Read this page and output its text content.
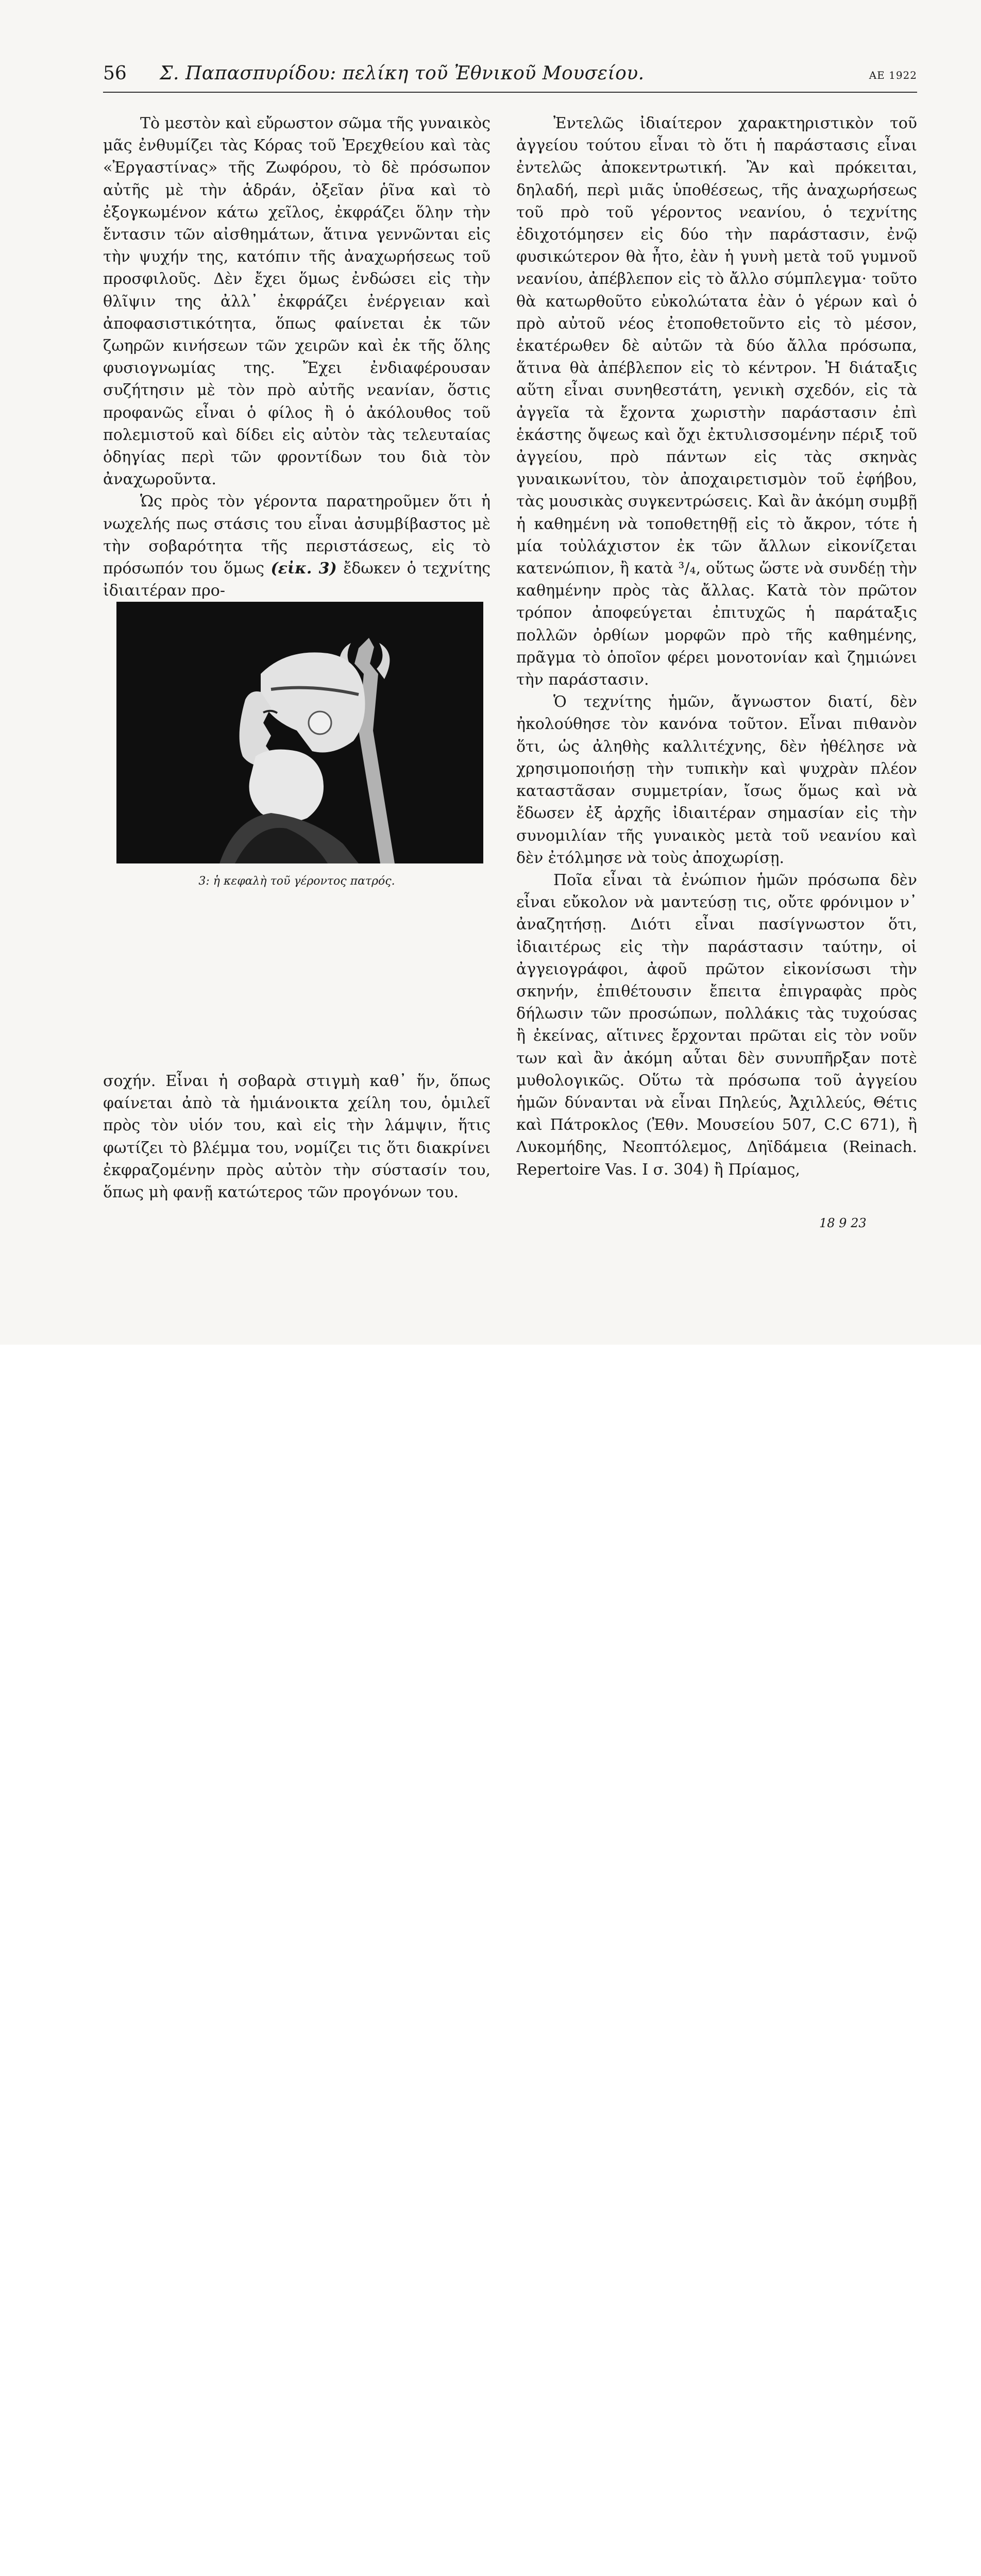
56 Σ. Παπασπυρίδου: πελίκη τοῦ Ἐθνικοῦ Μουσείου.	ΑΕ 1922

Τὸ μεστὸν καὶ εὔρωστον σῶμα τῆς γυναικὸς μᾶς ἐνθυμίζει τὰς Κόρας τοῦ Ἐρεχθείου καὶ τὰς «Ἐργαστίνας» τῆς Ζωφόρου, τὸ δὲ πρόσωπον αὐτῆς μὲ τὴν ἁδράν, ὀξεῖαν ῥῖνα καὶ τὸ ἐξογκωμένον κάτω χεῖλος, ἐκφράζει ὅλην τὴν ἔντασιν τῶν αἰσθημάτων, ἅτινα γεννῶνται εἰς τὴν ψυχήν της, κατόπιν τῆς ἀναχωρήσεως τοῦ προσφιλοῦς. Δὲν ἔχει ὅμως ἐνδώσει εἰς τὴν θλῖψιν της ἀλλ᾽ ἐκφράζει ἐνέργειαν καὶ ἀποφασιστικότητα, ὅπως φαίνεται ἐκ τῶν ζωηρῶν κινήσεων τῶν χειρῶν καὶ ἐκ τῆς ὅλης φυσιογνωμίας της. Ἔχει ἐνδιαφέρουσαν συζήτησιν μὲ τὸν πρὸ αὐτῆς νεανίαν, ὅστις προφανῶς εἶναι ὁ φίλος ἢ ὁ ἀκόλουθος τοῦ πολεμιστοῦ καὶ δίδει εἰς αὐτὸν τὰς τελευταίας ὁδηγίας περὶ τῶν φροντίδων του διὰ τὸν ἀναχωροῦντα.

Ὡς πρὸς τὸν γέροντα παρατηροῦμεν ὅτι ἡ νωχελής πως στάσις του εἶναι ἀσυμβίβαστος μὲ τὴν σοβαρότητα τῆς περιστάσεως, εἰς τὸ πρόσωπόν του ὅμως (εἰκ. 3) ἔδωκεν ὁ τεχνίτης ἰδιαιτέραν προ-

3: ἡ κεφαλὴ τοῦ γέροντος πατρός.

σοχήν. Εἶναι ἡ σοβαρὰ στιγμὴ καθ᾽ ἥν, ὅπως φαίνεται ἀπὸ τὰ ἡμιάνοικτα χείλη του, ὁμιλεῖ πρὸς τὸν υἱόν του, καὶ εἰς τὴν λάμψιν, ἥτις φωτίζει τὸ βλέμμα του, νομίζει τις ὅτι διακρίνει ἐκφραζομένην πρὸς αὐτὸν τὴν σύστασίν του, ὅπως μὴ φανῇ κατώτερος τῶν προγόνων του.

Ἐντελῶς ἰδιαίτερον χαρακτηριστικὸν τοῦ ἀγγείου τούτου εἶναι τὸ ὅτι ἡ παράστασις εἶναι ἐντελῶς ἀποκεντρωτική. Ἂν καὶ πρόκειται, δηλαδή, περὶ μιᾶς ὑποθέσεως, τῆς ἀναχωρήσεως τοῦ πρὸ τοῦ γέροντος νεανίου, ὁ τεχνίτης ἐδιχοτόμησεν εἰς δύο τὴν παράστασιν, ἐνῷ φυσικώτερον θὰ ἦτο, ἐὰν ἡ γυνὴ μετὰ τοῦ γυμνοῦ νεανίου, ἀπέβλεπον εἰς τὸ ἄλλο σύμπλεγμα· τοῦτο θὰ κατωρθοῦτο εὐκολώτατα ἐὰν ὁ γέρων καὶ ὁ πρὸ αὐτοῦ νέος ἐτοποθετοῦντο εἰς τὸ μέσον, ἑκατέρωθεν δὲ αὐτῶν τὰ δύο ἄλλα πρόσωπα, ἅτινα θὰ ἀπέβλεπον εἰς τὸ κέντρον. Ἡ διάταξις αὕτη εἶναι συνηθεστάτη, γενικὴ σχεδόν, εἰς τὰ ἀγγεῖα τὰ ἔχοντα χωριστὴν παράστασιν ἐπὶ ἑκάστης ὄψεως καὶ ὄχι ἐκτυλισσομένην πέριξ τοῦ ἀγγείου, πρὸ πάντων εἰς τὰς σκηνὰς γυναικωνίτου, τὸν ἀποχαιρετισμὸν τοῦ ἐφήβου, τὰς μουσικὰς συγκεντρώσεις. Καὶ ἂν ἀκόμη συμβῇ ἡ καθημένη νὰ τοποθετηθῇ εἰς τὸ ἄκρον, τότε ἡ μία τοὐλάχιστον ἐκ τῶν ἄλλων εἰκονίζεται κατενώπιον, ἢ κατὰ ³/₄, οὕτως ὥστε νὰ συνδέῃ τὴν καθημένην πρὸς τὰς ἄλλας. Κατὰ τὸν πρῶτον τρόπον ἀποφεύγεται ἐπιτυχῶς ἡ παράταξις πολλῶν ὀρθίων μορφῶν πρὸ τῆς καθημένης, πρᾶγμα τὸ ὁποῖον φέρει μονοτονίαν καὶ ζημιώνει τὴν παράστασιν.

Ὁ τεχνίτης ἡμῶν, ἄγνωστον διατί, δὲν ἠκολούθησε τὸν κανόνα τοῦτον. Εἶναι πιθανὸν ὅτι, ὡς ἀληθὴς καλλιτέχνης, δὲν ἠθέλησε νὰ χρησιμοποιήσῃ τὴν τυπικὴν καὶ ψυχρὰν πλέον καταστᾶσαν συμμετρίαν, ἴσως ὅμως καὶ νὰ ἔδωσεν ἐξ ἀρχῆς ἰδιαιτέραν σημασίαν εἰς τὴν συνομιλίαν τῆς γυναικὸς μετὰ τοῦ νεανίου καὶ δὲν ἐτόλμησε νὰ τοὺς ἀποχωρίσῃ.

Ποῖα εἶναι τὰ ἐνώπιον ἡμῶν πρόσωπα δὲν εἶναι εὔκολον νὰ μαντεύσῃ τις, οὔτε φρόνιμον ν᾽ ἀναζητήσῃ. Διότι εἶναι πασίγνωστον ὅτι, ἰδιαιτέρως εἰς τὴν παράστασιν ταύτην, οἱ ἀγγειογράφοι, ἀφοῦ πρῶτον εἰκονίσωσι τὴν σκηνήν, ἐπιθέτουσιν ἔπειτα ἐπιγραφὰς πρὸς δήλωσιν τῶν προσώπων, πολλάκις τὰς τυχούσας ἢ ἐκείνας, αἵτινες ἔρχονται πρῶται εἰς τὸν νοῦν των καὶ ἂν ἀκόμη αὗται δὲν συνυπῆρξαν ποτὲ μυθολογικῶς. Οὕτω τὰ πρόσωπα τοῦ ἀγγείου ἡμῶν δύνανται νὰ εἶναι Πηλεύς, Ἀχιλλεύς, Θέτις καὶ Πάτροκλος (Ἐθν. Μουσείου 507, C.C 671), ἢ Λυκομήδης, Νεοπτόλεμος, Δηϊδάμεια (Reinach. Repertoire Vas. I σ. 304) ἢ Πρίαμος,

18 9 23
